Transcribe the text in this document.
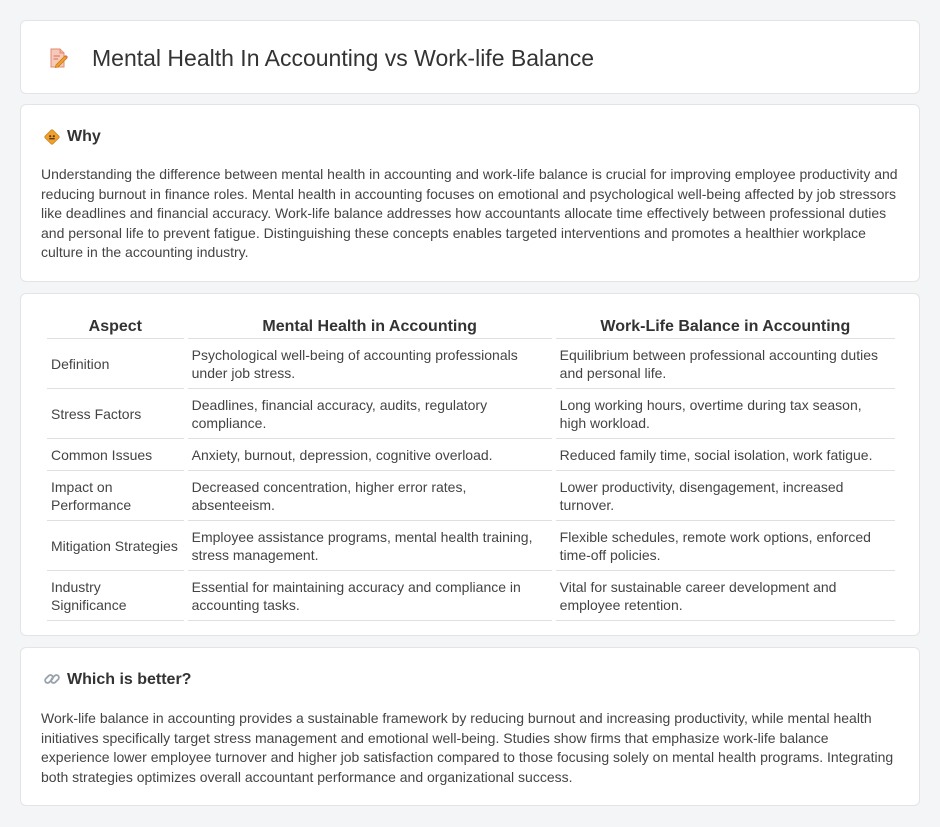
Mental Health In Accounting vs Work-life Balance
Why

Understanding the difference between mental health in accounting and work-life balance is crucial for improving employee productivity and reducing burnout in finance roles. Mental health in accounting focuses on emotional and psychological well-being affected by job stressors like deadlines and financial accuracy. Work-life balance addresses how accountants allocate time effectively between professional duties and personal life to prevent fatigue. Distinguishing these concepts enables targeted interventions and promotes a healthier workplace culture in the accounting industry.

Aspect	Mental Health in Accounting	Work-Life Balance in Accounting
Definition	Psychological well-being of accounting professionals under job stress.	Equilibrium between professional accounting duties and personal life.
Stress Factors	Deadlines, financial accuracy, audits, regulatory compliance.	Long working hours, overtime during tax season, high workload.
Common Issues	Anxiety, burnout, depression, cognitive overload.	Reduced family time, social isolation, work fatigue.
Impact on Performance	Decreased concentration, higher error rates, absenteeism.	Lower productivity, disengagement, increased turnover.
Mitigation Strategies	Employee assistance programs, mental health training, stress management.	Flexible schedules, remote work options, enforced time-off policies.
Industry Significance	Essential for maintaining accuracy and compliance in accounting tasks.	Vital for sustainable career development and employee retention.
Which is better?

Work-life balance in accounting provides a sustainable framework by reducing burnout and increasing productivity, while mental health initiatives specifically target stress management and emotional well-being. Studies show firms that emphasize work-life balance experience lower employee turnover and higher job satisfaction compared to those focusing solely on mental health programs. Integrating both strategies optimizes overall accountant performance and organizational success.
